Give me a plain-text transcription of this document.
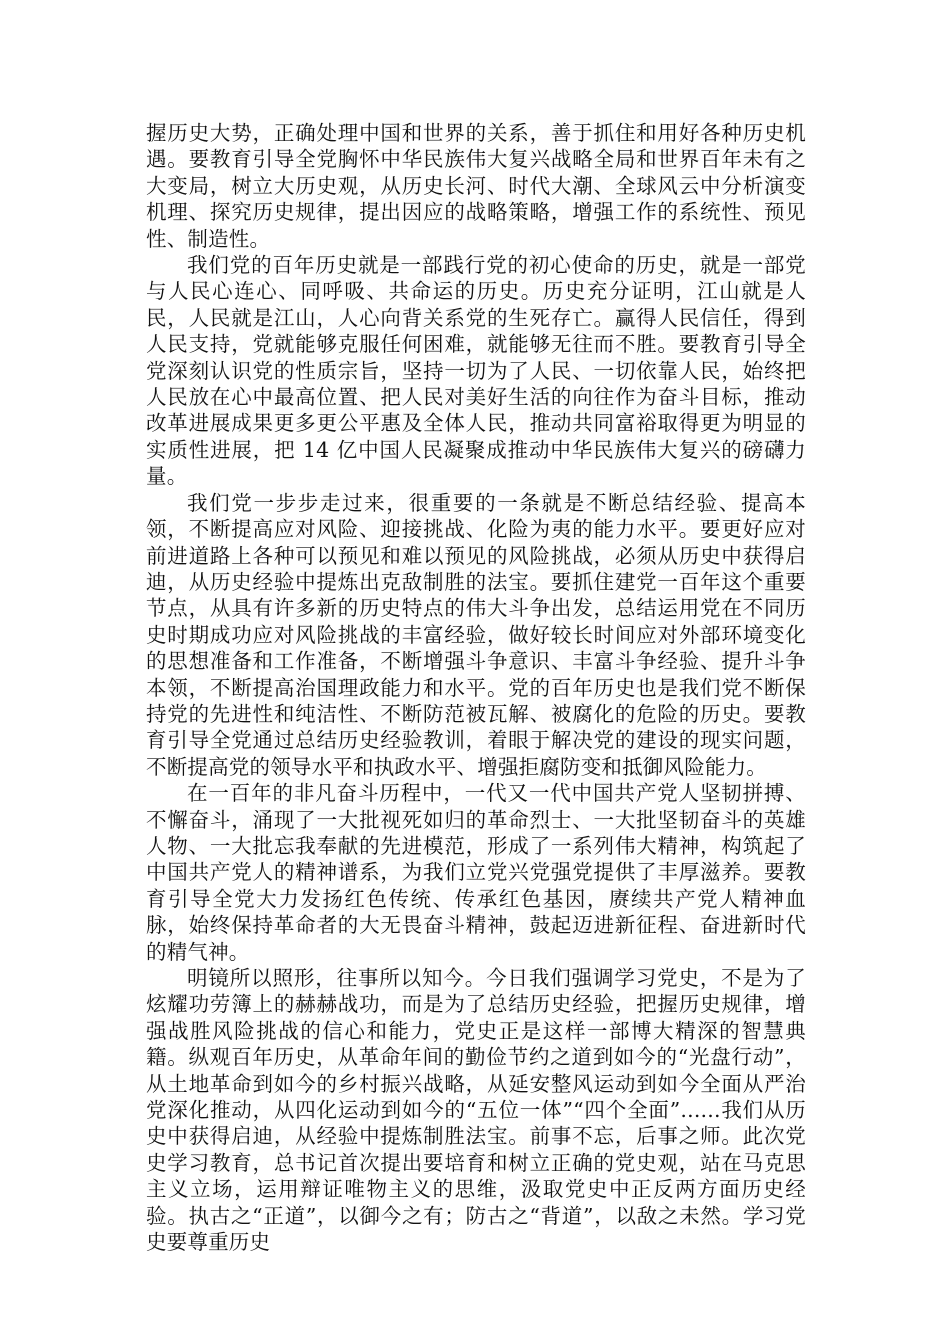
握历史大势，正确处理中国和世界的关系，善于抓住和用好各种历史机遇。要教育引导全党胸怀中华民族伟大复兴战略全局和世界百年未有之大变局，树立大历史观，从历史长河、时代大潮、全球风云中分析演变机理、探究历史规律，提出因应的战略策略，增强工作的系统性、预见性、制造性。

我们党的百年历史就是一部践行党的初心使命的历史，就是一部党与人民心连心、同呼吸、共命运的历史。历史充分证明，江山就是人民，人民就是江山，人心向背关系党的生死存亡。赢得人民信任，得到人民支持，党就能够克服任何困难，就能够无往而不胜。要教育引导全党深刻认识党的性质宗旨，坚持一切为了人民、一切依靠人民，始终把人民放在心中最高位置、把人民对美好生活的向往作为奋斗目标，推动改革进展成果更多更公平惠及全体人民，推动共同富裕取得更为明显的实质性进展，把 14 亿中国人民凝聚成推动中华民族伟大复兴的磅礴力量。

我们党一步步走过来，很重要的一条就是不断总结经验、提高本领，不断提高应对风险、迎接挑战、化险为夷的能力水平。要更好应对前进道路上各种可以预见和难以预见的风险挑战，必须从历史中获得启迪，从历史经验中提炼出克敌制胜的法宝。要抓住建党一百年这个重要节点，从具有许多新的历史特点的伟大斗争出发，总结运用党在不同历史时期成功应对风险挑战的丰富经验，做好较长时间应对外部环境变化的思想准备和工作准备，不断增强斗争意识、丰富斗争经验、提升斗争本领，不断提高治国理政能力和水平。党的百年历史也是我们党不断保持党的先进性和纯洁性、不断防范被瓦解、被腐化的危险的历史。要教育引导全党通过总结历史经验教训，着眼于解决党的建设的现实问题，不断提高党的领导水平和执政水平、增强拒腐防变和抵御风险能力。

在一百年的非凡奋斗历程中，一代又一代中国共产党人坚韧拼搏、不懈奋斗，涌现了一大批视死如归的革命烈士、一大批坚韧奋斗的英雄人物、一大批忘我奉献的先进模范，形成了一系列伟大精神，构筑起了中国共产党人的精神谱系，为我们立党兴党强党提供了丰厚滋养。要教育引导全党大力发扬红色传统、传承红色基因，赓续共产党人精神血脉，始终保持革命者的大无畏奋斗精神，鼓起迈进新征程、奋进新时代的精气神。

明镜所以照形，往事所以知今。今日我们强调学习党史，不是为了炫耀功劳簿上的赫赫战功，而是为了总结历史经验，把握历史规律，增强战胜风险挑战的信心和能力，党史正是这样一部博大精深的智慧典籍。纵观百年历史，从革命年间的勤俭节约之道到如今的“光盘行动”，从土地革命到如今的乡村振兴战略，从延安整风运动到如今全面从严治党深化推动，从四化运动到如今的“五位一体”“四个全面”......我们从历史中获得启迪，从经验中提炼制胜法宝。前事不忘，后事之师。此次党史学习教育，总书记首次提出要培育和树立正确的党史观，站在马克思主义立场，运用辩证唯物主义的思维，汲取党史中正反两方面历史经验。执古之“正道”，以御今之有；防古之“背道”，以敌之未然。学习党史要尊重历史
